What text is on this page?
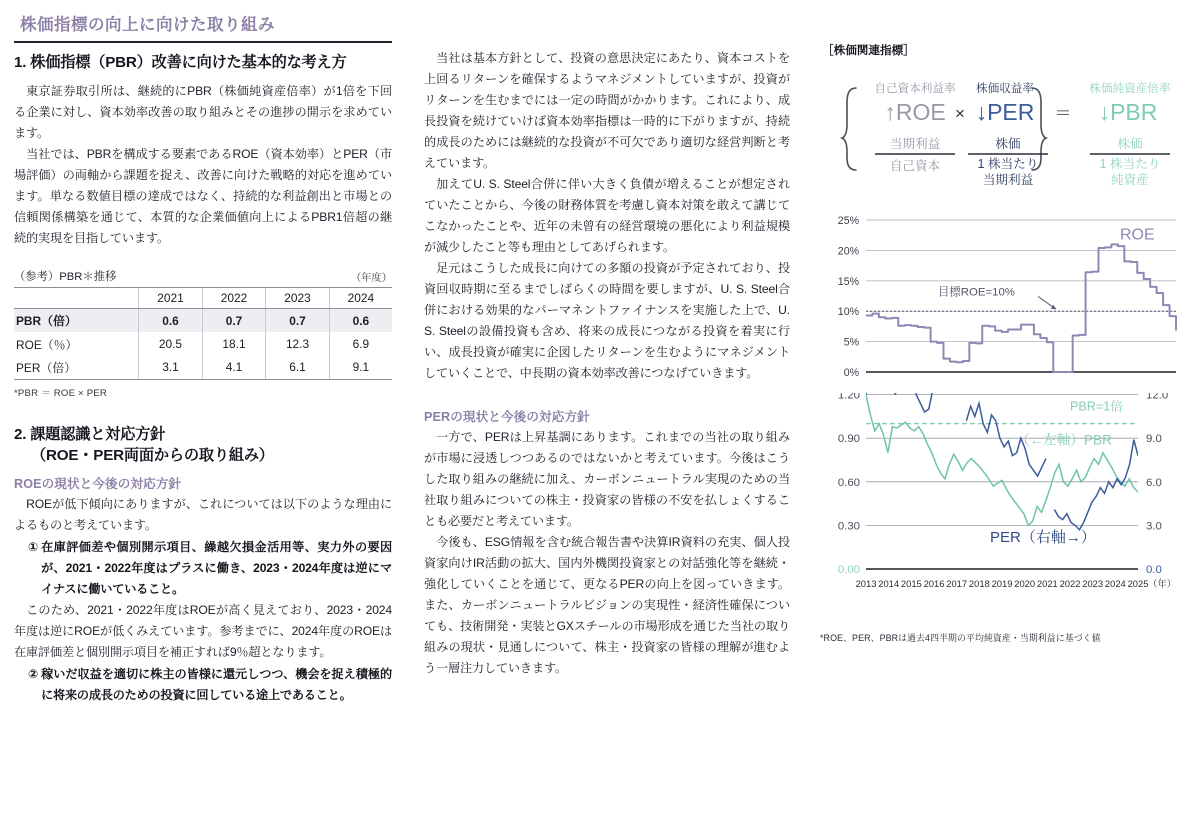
株価指標の向上に向けた取り組み
1. 株価指標（PBR）改善に向けた基本的な考え方

東京証券取引所は、継続的にPBR（株価純資産倍率）が1倍を下回る企業に対し、資本効率改善の取り組みとその進捗の開示を求めています。

当社では、PBRを構成する要素であるROE（資本効率）とPER（市場評価）の両軸から課題を捉え、改善に向けた戦略的対応を進めています。単なる数値目標の達成ではなく、持続的な利益創出と市場との信頼関係構築を通じて、本質的な企業価値向上によるPBR1倍超の継続的実現を目指しています。

（参考）PBR＊推移	（年度）
	2021	2022	2023	2024
PBR（倍）	0.6	0.7	0.7	0.6
ROE（％）	20.5	18.1	12.3	6.9
PER（倍）	3.1	4.1	6.1	9.1
*PBR ＝ ROE × PER
2. 課題認識と対応方針
（ROE・PER両面からの取り組み）
ROEの現状と今後の対応方針

ROEが低下傾向にありますが、これについては以下のような理由によるものと考えています。

① 在庫評価差や個別開示項目、繰越欠損金活用等、実力外の要因が、2021・2022年度はプラスに働き、2023・2024年度は逆にマイナスに働いていること。

このため、2021・2022年度はROEが高く見えており、2023・2024年度は逆にROEが低くみえています。参考までに、2024年度のROEは在庫評価差と個別開示項目を補正すれば9％超となります。

② 稼いだ収益を適切に株主の皆様に還元しつつ、機会を捉え積極的に将来の成長のための投資に回している途上であること。

当社は基本方針として、投資の意思決定にあたり、資本コストを上回るリターンを確保するようマネジメントしていますが、投資がリターンを生むまでには一定の時間がかかります。これにより、成長投資を続けていけば資本効率指標は一時的に下がりますが、持続的成長のためには継続的な投資が不可欠であり適切な経営判断と考えています。

加えてU. S. Steel合併に伴い大きく負債が増えることが想定されていたことから、今後の財務体質を考慮し資本対策を敢えて講じてこなかったことや、近年の未曾有の経営環境の悪化により利益規模が減少したこと等も理由としてあげられます。

足元はこうした成長に向けての多額の投資が予定されており、投資回収時期に至るまでしばらくの時間を要しますが、U. S. Steel合併における効果的なパーマネントファイナンスを実施した上で、U. S. Steelの設備投資も含め、将来の成長につながる投資を着実に行い、成長投資が確実に企図したリターンを生むようにマネジメントしていくことで、中長期の資本効率改善につなげていきます。

PERの現状と今後の対応方針

一方で、PERは上昇基調にあります。これまでの当社の取り組みが市場に浸透しつつあるのではないかと考えています。今後はこうした取り組みの継続に加え、カーボンニュートラル実現のための当社取り組みについての株主・投資家の皆様の不安を払しょくすることも必要だと考えています。

今後も、ESG情報を含む統合報告書や決算IR資料の充実、個人投資家向けIR活動の拡大、国内外機関投資家との対話強化等を継続・強化していくことを通じて、更なるPERの向上を図っていきます。また、カーボンニュートラルビジョンの実現性・経済性確保についても、技術開発・実装とGXスチールの市場形成を通じた当社の取り組みの現状・見通しについて、株主・投資家の皆様の理解が進むよう一層注力していきます。

［株価関連指標］
自己資本利益率
↑ROE
当期利益
自己資本
×
株価収益率
↓PER
株価
1 株当たり
当期利益
＝
株価純資産倍率
↓PBR
株価
1 株当たり
純資産
0%
5%
10%
15%
20%
25%
目標ROE=10%
ROE
0.00	0.0
0.30	3.0
0.60	6.0
0.90	9.0
1.20	12.0
PBR=1倍
2013 2014 2015 2016 2017 2018 2019 2020 2021 2022 2023 2024 2025 （年）
（←左軸）PBR
PER（右軸→）
*ROE、PER、PBRは過去4四半期の平均純資産・当期利益に基づく値
